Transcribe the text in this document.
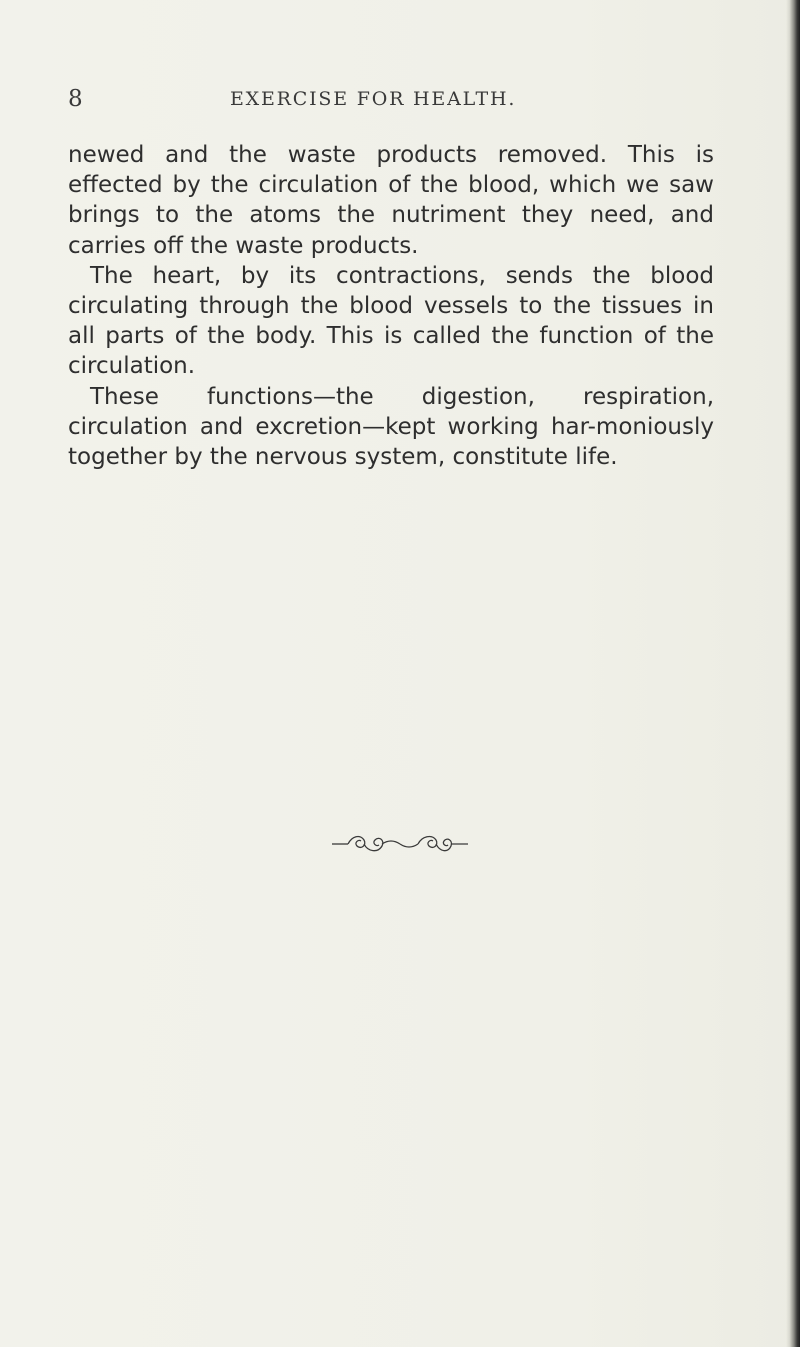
8	EXERCISE FOR HEALTH.

newed and the waste products removed. This is effected by the circulation of the blood, which we saw brings to the atoms the nutriment they need, and carries off the waste products.

The heart, by its contractions, sends the blood circulating through the blood vessels to the tissues in all parts of the body. This is called the function of the circulation.

These functions—the digestion, respiration, circulation and excretion—kept working har-moniously together by the nervous system, constitute life.
